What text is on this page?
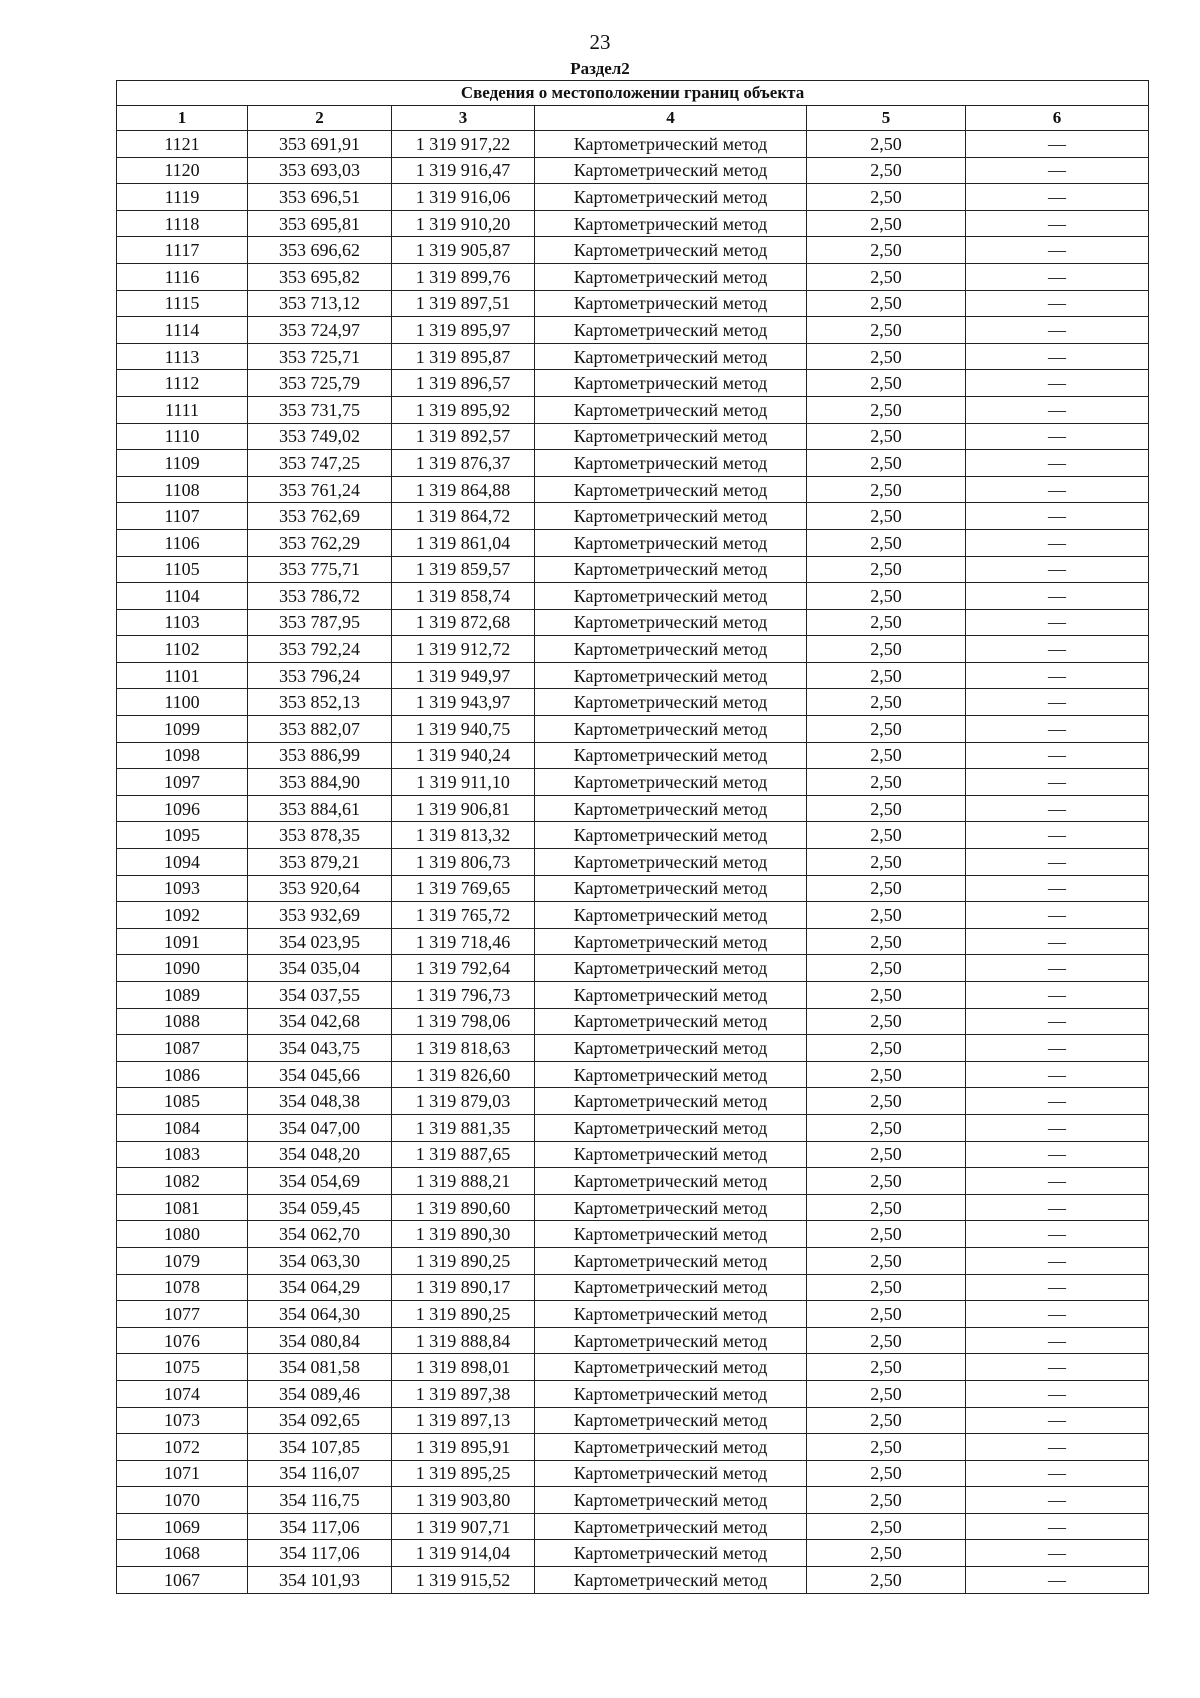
23
Раздел2
Сведения о местоположении границ объекта					
1	2	3	4	5	6
1121	353 691,91	1 319 917,22	Картометрический метод	2,50	—
1120	353 693,03	1 319 916,47	Картометрический метод	2,50	—
1119	353 696,51	1 319 916,06	Картометрический метод	2,50	—
1118	353 695,81	1 319 910,20	Картометрический метод	2,50	—
1117	353 696,62	1 319 905,87	Картометрический метод	2,50	—
1116	353 695,82	1 319 899,76	Картометрический метод	2,50	—
1115	353 713,12	1 319 897,51	Картометрический метод	2,50	—
1114	353 724,97	1 319 895,97	Картометрический метод	2,50	—
1113	353 725,71	1 319 895,87	Картометрический метод	2,50	—
1112	353 725,79	1 319 896,57	Картометрический метод	2,50	—
1111	353 731,75	1 319 895,92	Картометрический метод	2,50	—
1110	353 749,02	1 319 892,57	Картометрический метод	2,50	—
1109	353 747,25	1 319 876,37	Картометрический метод	2,50	—
1108	353 761,24	1 319 864,88	Картометрический метод	2,50	—
1107	353 762,69	1 319 864,72	Картометрический метод	2,50	—
1106	353 762,29	1 319 861,04	Картометрический метод	2,50	—
1105	353 775,71	1 319 859,57	Картометрический метод	2,50	—
1104	353 786,72	1 319 858,74	Картометрический метод	2,50	—
1103	353 787,95	1 319 872,68	Картометрический метод	2,50	—
1102	353 792,24	1 319 912,72	Картометрический метод	2,50	—
1101	353 796,24	1 319 949,97	Картометрический метод	2,50	—
1100	353 852,13	1 319 943,97	Картометрический метод	2,50	—
1099	353 882,07	1 319 940,75	Картометрический метод	2,50	—
1098	353 886,99	1 319 940,24	Картометрический метод	2,50	—
1097	353 884,90	1 319 911,10	Картометрический метод	2,50	—
1096	353 884,61	1 319 906,81	Картометрический метод	2,50	—
1095	353 878,35	1 319 813,32	Картометрический метод	2,50	—
1094	353 879,21	1 319 806,73	Картометрический метод	2,50	—
1093	353 920,64	1 319 769,65	Картометрический метод	2,50	—
1092	353 932,69	1 319 765,72	Картометрический метод	2,50	—
1091	354 023,95	1 319 718,46	Картометрический метод	2,50	—
1090	354 035,04	1 319 792,64	Картометрический метод	2,50	—
1089	354 037,55	1 319 796,73	Картометрический метод	2,50	—
1088	354 042,68	1 319 798,06	Картометрический метод	2,50	—
1087	354 043,75	1 319 818,63	Картометрический метод	2,50	—
1086	354 045,66	1 319 826,60	Картометрический метод	2,50	—
1085	354 048,38	1 319 879,03	Картометрический метод	2,50	—
1084	354 047,00	1 319 881,35	Картометрический метод	2,50	—
1083	354 048,20	1 319 887,65	Картометрический метод	2,50	—
1082	354 054,69	1 319 888,21	Картометрический метод	2,50	—
1081	354 059,45	1 319 890,60	Картометрический метод	2,50	—
1080	354 062,70	1 319 890,30	Картометрический метод	2,50	—
1079	354 063,30	1 319 890,25	Картометрический метод	2,50	—
1078	354 064,29	1 319 890,17	Картометрический метод	2,50	—
1077	354 064,30	1 319 890,25	Картометрический метод	2,50	—
1076	354 080,84	1 319 888,84	Картометрический метод	2,50	—
1075	354 081,58	1 319 898,01	Картометрический метод	2,50	—
1074	354 089,46	1 319 897,38	Картометрический метод	2,50	—
1073	354 092,65	1 319 897,13	Картометрический метод	2,50	—
1072	354 107,85	1 319 895,91	Картометрический метод	2,50	—
1071	354 116,07	1 319 895,25	Картометрический метод	2,50	—
1070	354 116,75	1 319 903,80	Картометрический метод	2,50	—
1069	354 117,06	1 319 907,71	Картометрический метод	2,50	—
1068	354 117,06	1 319 914,04	Картометрический метод	2,50	—
1067	354 101,93	1 319 915,52	Картометрический метод	2,50	—
